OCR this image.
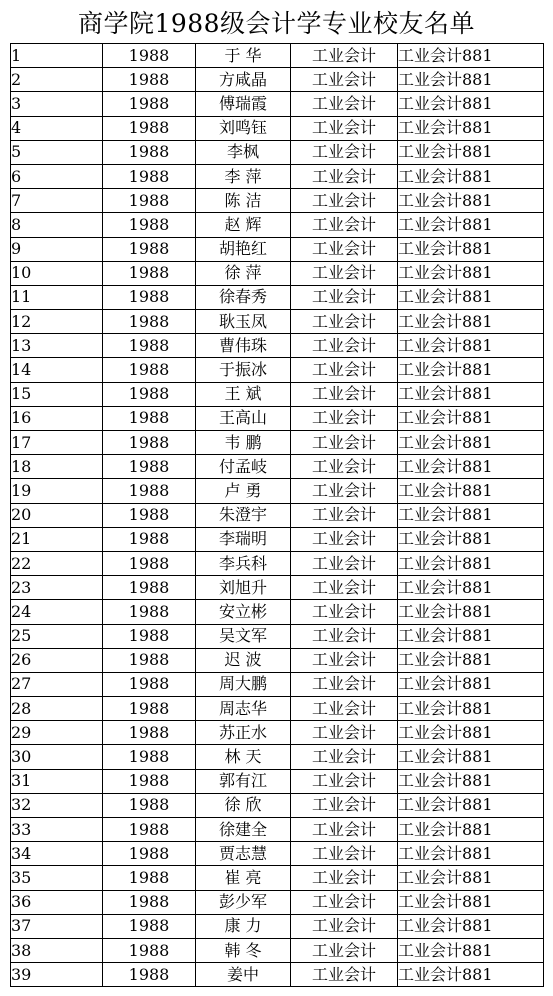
商学院1988级会计学专业校友名单
1	1988	于 华	工业会计	工业会计881
2	1988	方咸晶	工业会计	工业会计881
3	1988	傅瑞霞	工业会计	工业会计881
4	1988	刘鸣钰	工业会计	工业会计881
5	1988	李枫	工业会计	工业会计881
6	1988	李 萍	工业会计	工业会计881
7	1988	陈 洁	工业会计	工业会计881
8	1988	赵 辉	工业会计	工业会计881
9	1988	胡艳红	工业会计	工业会计881
10	1988	徐 萍	工业会计	工业会计881
11	1988	徐春秀	工业会计	工业会计881
12	1988	耿玉凤	工业会计	工业会计881
13	1988	曹伟珠	工业会计	工业会计881
14	1988	于振冰	工业会计	工业会计881
15	1988	王 斌	工业会计	工业会计881
16	1988	王高山	工业会计	工业会计881
17	1988	韦 鹏	工业会计	工业会计881
18	1988	付孟岐	工业会计	工业会计881
19	1988	卢 勇	工业会计	工业会计881
20	1988	朱澄宇	工业会计	工业会计881
21	1988	李瑞明	工业会计	工业会计881
22	1988	李兵科	工业会计	工业会计881
23	1988	刘旭升	工业会计	工业会计881
24	1988	安立彬	工业会计	工业会计881
25	1988	吴文军	工业会计	工业会计881
26	1988	迟 波	工业会计	工业会计881
27	1988	周大鹏	工业会计	工业会计881
28	1988	周志华	工业会计	工业会计881
29	1988	苏正水	工业会计	工业会计881
30	1988	林 天	工业会计	工业会计881
31	1988	郭有江	工业会计	工业会计881
32	1988	徐 欣	工业会计	工业会计881
33	1988	徐建全	工业会计	工业会计881
34	1988	贾志慧	工业会计	工业会计881
35	1988	崔 亮	工业会计	工业会计881
36	1988	彭少军	工业会计	工业会计881
37	1988	康 力	工业会计	工业会计881
38	1988	韩 冬	工业会计	工业会计881
39	1988	姜中	工业会计	工业会计881
